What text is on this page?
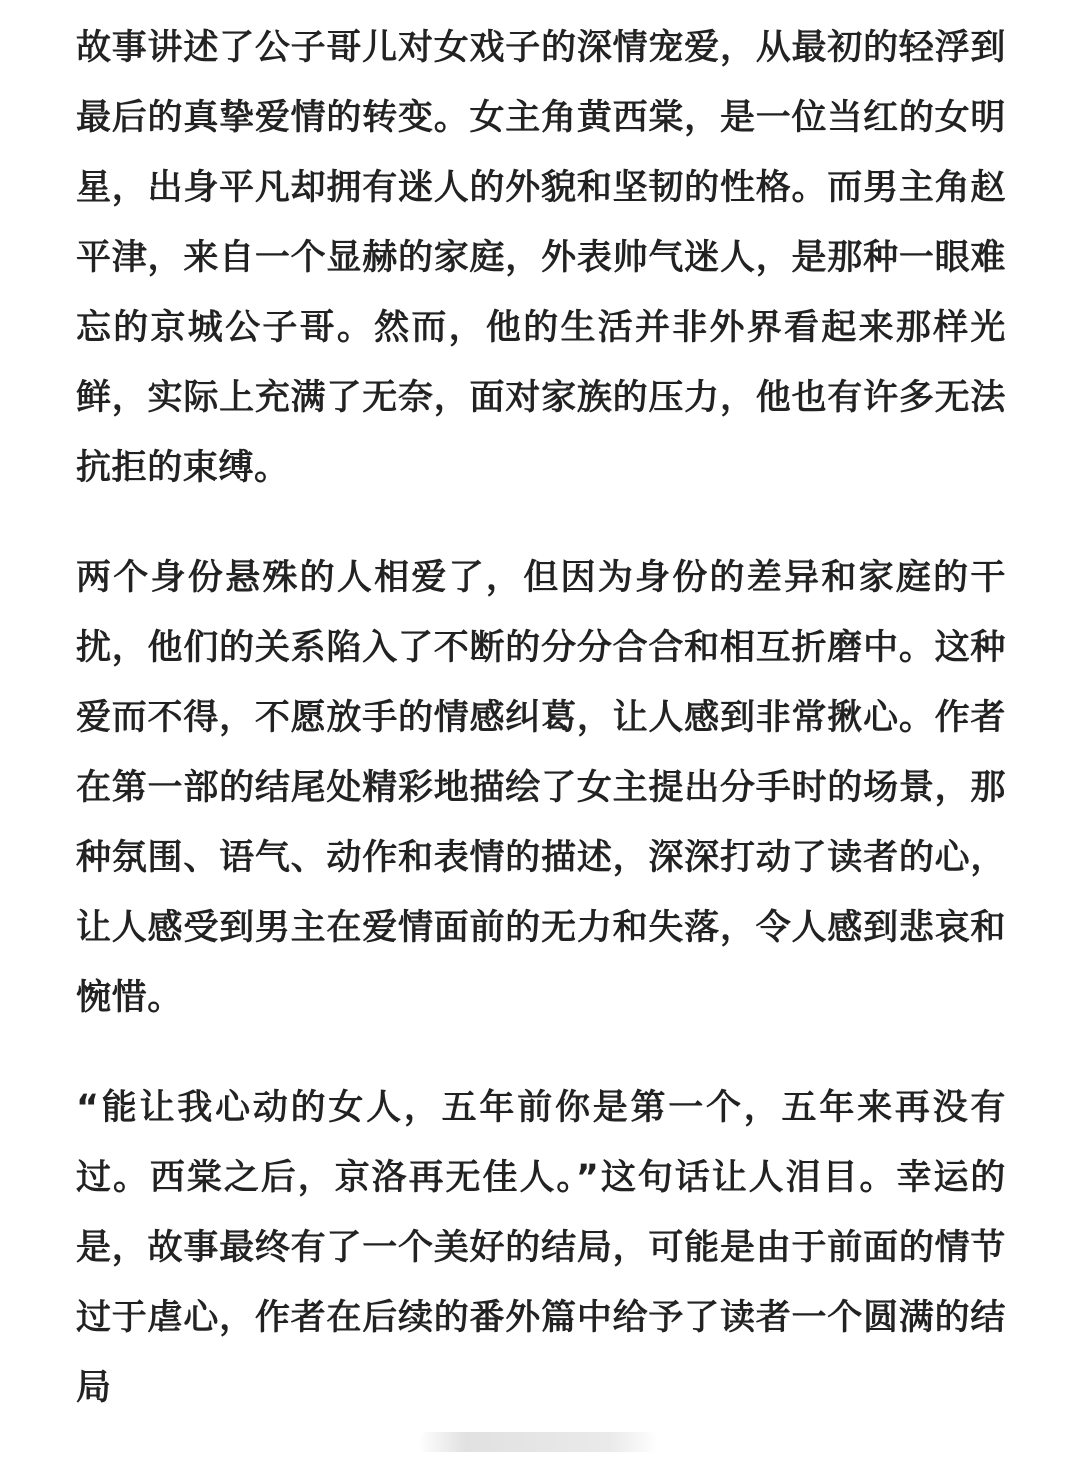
故事讲述了公子哥儿对女戏子的深情宠爱，从最初的轻浮到最后的真挚爱情的转变。女主角黄西棠，是一位当红的女明星，出身平凡却拥有迷人的外貌和坚韧的性格。而男主角赵平津，来自一个显赫的家庭，外表帅气迷人，是那种一眼难忘的京城公子哥。然而，他的生活并非外界看起来那样光鲜，实际上充满了无奈，面对家族的压力，他也有许多无法抗拒的束缚。

两个身份悬殊的人相爱了，但因为身份的差异和家庭的干扰，他们的关系陷入了不断的分分合合和相互折磨中。这种爱而不得，不愿放手的情感纠葛，让人感到非常揪心。作者在第一部的结尾处精彩地描绘了女主提出分手时的场景，那种氛围、语气、动作和表情的描述，深深打动了读者的心，让人感受到男主在爱情面前的无力和失落，令人感到悲哀和惋惜。

“能让我心动的女人，五年前你是第一个，五年来再没有过。西棠之后，京洛再无佳人。”这句话让人泪目。幸运的是，故事最终有了一个美好的结局，可能是由于前面的情节过于虐心，作者在后续的番外篇中给予了读者一个圆满的结局
